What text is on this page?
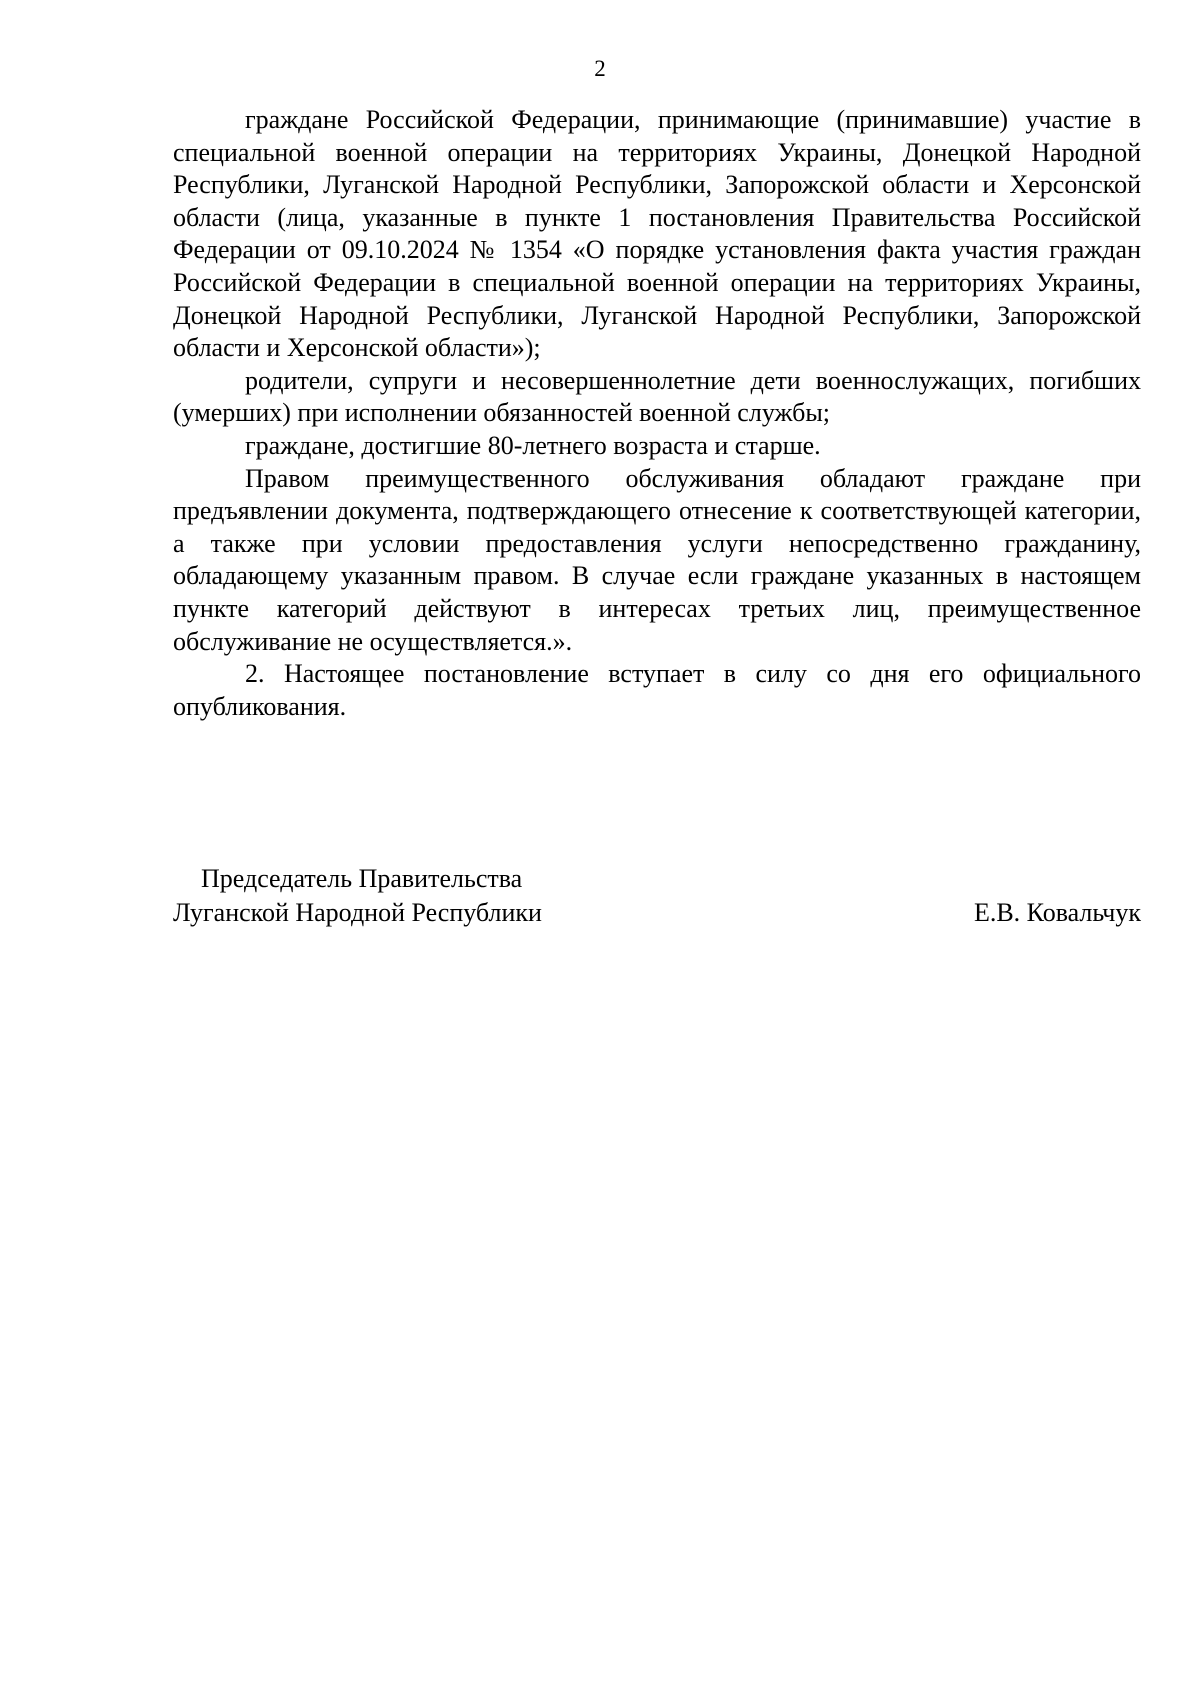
2

граждане Российской Федерации, принимающие (принимавшие) участие в специальной военной операции на территориях Украины, Донецкой Народной Республики, Луганской Народной Республики, Запорожской области и Херсонской области (лица, указанные в пункте 1 постановления Правительства Российской Федерации от 09.10.2024 № 1354 «О порядке установления факта участия граждан Российской Федерации в специальной военной операции на территориях Украины, Донецкой Народной Республики, Луганской Народной Республики, Запорожской области и Херсонской области»);

родители, супруги и несовершеннолетние дети военнослужащих, погибших (умерших) при исполнении обязанностей военной службы;

граждане, достигшие 80-летнего возраста и старше.

Правом преимущественного обслуживания обладают граждане при предъявлении документа, подтверждающего отнесение к соответствующей категории, а также при условии предоставления услуги непосредственно гражданину, обладающему указанным правом. В случае если граждане указанных в настоящем пункте категорий действуют в интересах третьих лиц, преимущественное обслуживание не осуществляется.».

2. Настоящее постановление вступает в силу со дня его официального опубликования.

Председатель Правительства
Луганской Народной Республики	Е.В. Ковальчук
